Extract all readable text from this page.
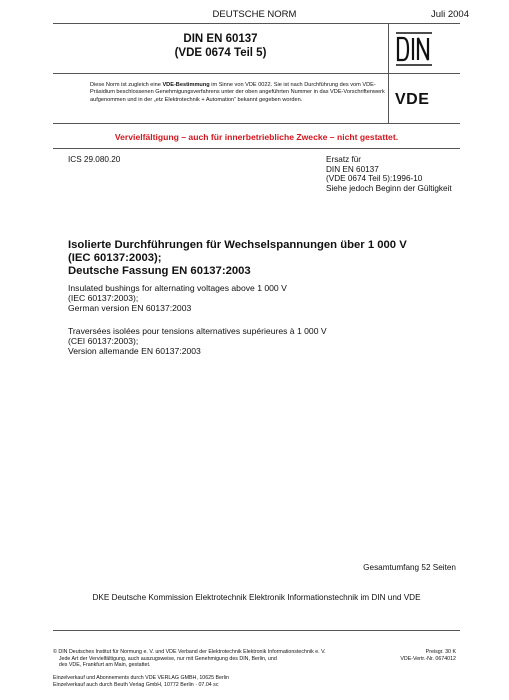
DEUTSCHE NORM	Juli 2004
DIN EN 60137
(VDE 0674 Teil 5)
VDE
Diese Norm ist zugleich eine VDE-Bestimmung im Sinne von VDE 0022. Sie ist nach Durchführung des vom VDE-Präsidium beschlossenen Genehmigungsverfahrens unter der oben angeführten Nummer in das VDE-Vorschriftenwerk aufgenommen und in der „etz Elektrotechnik + Automation“ bekannt gegeben worden.
Vervielfältigung – auch für innerbetriebliche Zwecke – nicht gestattet.
ICS 29.080.20	Ersatz für
DIN EN 60137
(VDE 0674 Teil 5):1996-10
Siehe jedoch Beginn der Gültigkeit
Isolierte Durchführungen für Wechselspannungen über 1 000 V
(IEC 60137:2003);
Deutsche Fassung EN 60137:2003
Insulated bushings for alternating voltages above 1 000 V
(IEC 60137:2003);
German version EN 60137:2003
Traversées isolées pour tensions alternatives supérieures à 1 000 V
(CEI 60137:2003);
Version allemande EN 60137:2003
Gesamtumfang 52 Seiten
DKE Deutsche Kommission Elektrotechnik Elektronik Informationstechnik im DIN und VDE
© DIN Deutsches Institut für Normung e. V. und VDE Verband der Elektrotechnik Elektronik Informationstechnik e. V.
Jede Art der Vervielfältigung, auch auszugsweise, nur mit Genehmigung des DIN, Berlin, und
des VDE, Frankfurt am Main, gestattet.
Preisgr. 30 K
VDE-Vertr.-Nr. 0674012
Einzelverkauf und Abonnements durch VDE VERLAG GMBH, 10625 Berlin
Einzelverkauf auch durch Beuth Verlag GmbH, 10772 Berlin · 07.04 sc
